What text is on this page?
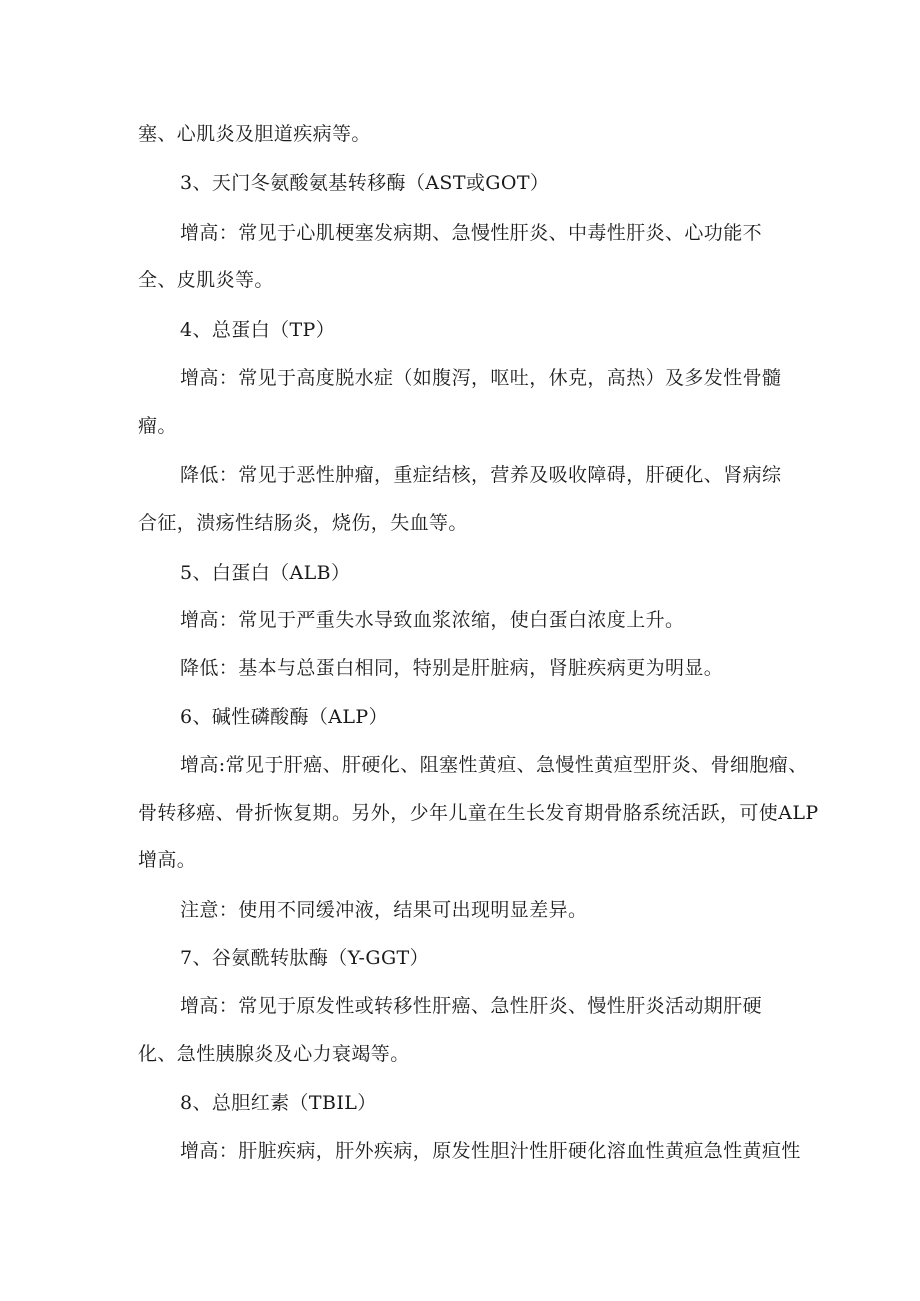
塞、心肌炎及胆道疾病等。
3、天门冬氨酸氨基转移酶（AST或GOT）
增高：常见于心肌梗塞发病期、急慢性肝炎、中毒性肝炎、心功能不
全、皮肌炎等。
4、总蛋白（TP）
增高：常见于高度脱水症（如腹泻，呕吐，休克，高热）及多发性骨髓
瘤。
降低：常见于恶性肿瘤，重症结核，营养及吸收障碍，肝硬化、肾病综
合征，溃疡性结肠炎，烧伤，失血等。
5、白蛋白（ALB）
增高：常见于严重失水导致血浆浓缩，使白蛋白浓度上升。
降低：基本与总蛋白相同，特别是肝脏病，肾脏疾病更为明显。
6、碱性磷酸酶（ALP）
增高:常见于肝癌、肝硬化、阻塞性黄疸、急慢性黄疸型肝炎、骨细胞瘤、
骨转移癌、骨折恢复期。另外，少年儿童在生长发育期骨胳系统活跃，可使ALP
增高。
注意：使用不同缓冲液，结果可出现明显差异。
7、谷氨酰转肽酶（Y-GGT）
增高：常见于原发性或转移性肝癌、急性肝炎、慢性肝炎活动期肝硬
化、急性胰腺炎及心力衰竭等。
8、总胆红素（TBIL）
增高：肝脏疾病，肝外疾病，原发性胆汁性肝硬化溶血性黄疸急性黄疸性
